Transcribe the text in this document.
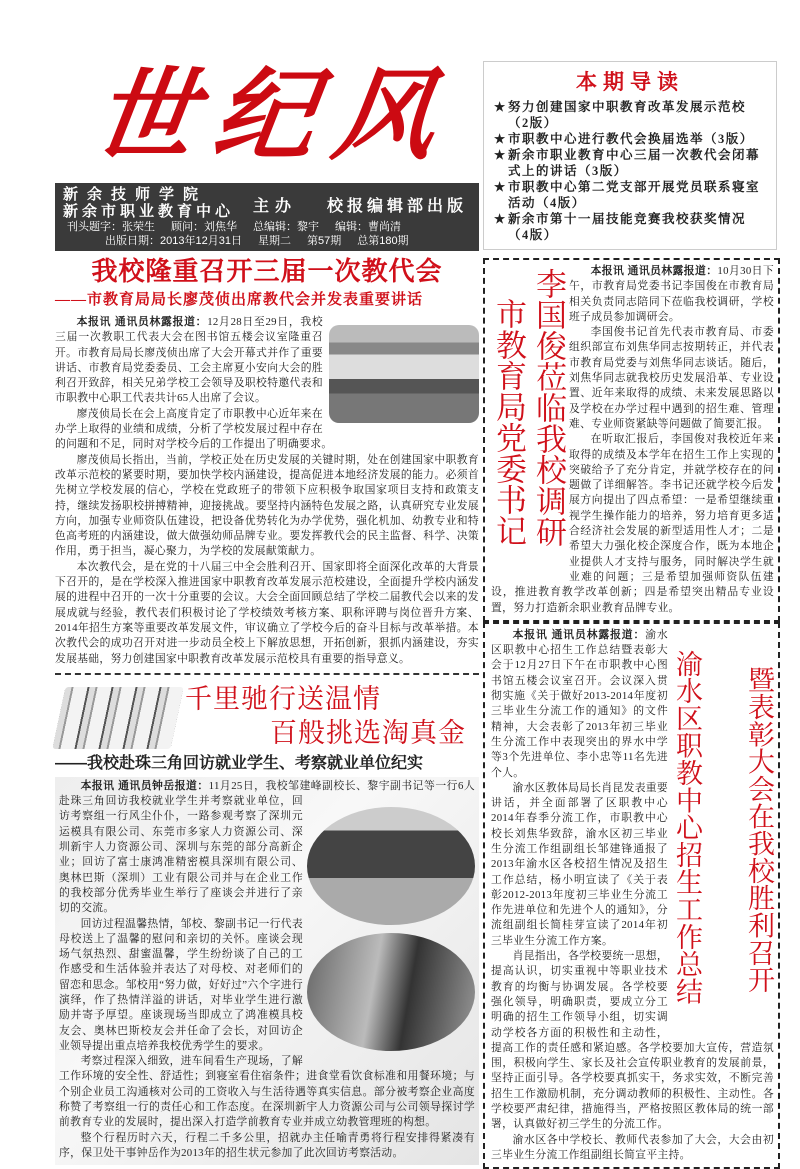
世纪风
新余技师学院
新余市职业教育中心 主办 校报编辑部出版
刊头题字：张荣生 顾问：刘焦华 总编辑：黎宇 编辑：曹尚清
出版日期：2013年12月31日 星期二 第57期 总第180期
我校隆重召开三届一次教代会
——市教育局局长廖茂侦出席教代会并发表重要讲话

本报讯 通讯员林露报道：12月28日至29日，我校三届一次教职工代表大会在图书馆五楼会议室隆重召开。市教育局局长廖茂侦出席了大会开幕式并作了重要讲话、市教育局党委委员、工会主席夏小安向大会的胜利召开致辞，相关兄弟学校工会领导及职校特邀代表和市职教中心职工代表共计65人出席了会议。

廖茂侦局长在会上高度肯定了市职教中心近年来在办学上取得的业绩和成绩，分析了学校发展过程中存在的问题和不足，同时对学校今后的工作提出了明确要求。

廖茂侦局长指出，当前，学校正处在历史发展的关键时期，处在创建国家中职教育改革示范校的紧要时期，要加快学校内涵建设，提高促进本地经济发展的能力。必须首先树立学校发展的信心，学校在党政班子的带领下应积极争取国家项目支持和政策支持，继续发扬职校拼搏精神，迎接挑战。要坚持内涵特色发展之路，认真研究专业发展方向，加强专业师资队伍建设，把设备优势转化为办学优势，强化机加、幼教专业和特色高考班的内涵建设，做大做强幼师品牌专业。要发挥教代会的民主监督、科学、决策作用，勇于担当，凝心聚力，为学校的发展献策献力。

本次教代会，是在党的十八届三中全会胜利召开、国家即将全面深化改革的大背景下召开的，是在学校深入推进国家中职教育改革发展示范校建设，全面提升学校内涵发展的进程中召开的一次十分重要的会议。大会全面回顾总结了学校二届教代会以来的发展成就与经验，教代表们积极讨论了学校绩效考核方案、职称评聘与岗位晋升方案、2014年招生方案等重要改革发展文件，审议确立了学校今后的奋斗目标与改革举措。本次教代会的成功召开对进一步动员全校上下解放思想，开拓创新，狠抓内涵建设，夯实发展基础，努力创建国家中职教育改革发展示范校具有重要的指导意义。

千里驰行送温情
百般挑选淘真金
——我校赴珠三角回访就业学生、考察就业单位纪实

本报讯 通讯员钟岳报道：11月25日，我校邹建峰副校长、黎宇副书记等一行6人赴珠三角回访我校就业学生并考察就业单位，回访考察组一行风尘仆仆，一路参观考察了深圳元运模具有限公司、东莞市多家人力资源公司、深圳新宇人力资源公司、深圳与东莞的部分高新企业；回访了富士康鸿准精密模具深圳有限公司、奥林巴斯（深圳）工业有限公司并与在企业工作的我校部分优秀毕业生举行了座谈会并进行了亲切的交流。

回访过程温馨热情，邹校、黎副书记一行代表母校送上了温馨的慰问和亲切的关怀。座谈会现场气氛热烈、甜蜜温馨，学生纷纷谈了自己的工作感受和生活体验并表达了对母校、对老师们的留恋和思念。邹校用“努力做，好好过”六个字进行演绎，作了热情洋溢的讲话，对毕业学生进行激励并寄予厚望。座谈现场当即成立了鸿准模具校友会、奥林巴斯校友会并任命了会长，对回访企业领导提出重点培养我校优秀学生的要求。

考察过程深入细致，进车间看生产现场，了解工作环境的安全性、舒适性；到寝室看住宿条件；进食堂看饮食标准和用餐环境；与个别企业员工沟通核对公司的工资收入与生活待遇等真实信息。部分被考察企业高度称赞了考察组一行的责任心和工作态度。在深圳新宇人力资源公司与公司领导探讨学前教育专业的发展时，提出深入打造学前教育专业并成立幼教管理班的构想。

整个行程历时六天，行程二千多公里，招就办主任喻青勇将行程安排得紧凑有序，保卫处干事钟岳作为2013年的招生状元参加了此次回访考察活动。

本期导读
★努力创建国家中职教育改革发展示范校（2版）
★市职教中心进行教代会换届选举（3版）
★新余市职业教育中心三届一次教代会闭幕式上的讲话（3版）
★市职教中心第二党支部开展党员联系寝室活动（4版）
★新余市第十一届技能竞赛我校获奖情况（4版）
李国俊莅临我校调研
市教育局党委书记

本报讯 通讯员林露报道：10月30日下午，市教育局党委书记李国俊在市教育局相关负责同志陪同下莅临我校调研，学校班子成员参加调研会。

李国俊书记首先代表市教育局、市委组织部宣布刘焦华同志按期转正，并代表市教育局党委与刘焦华同志谈话。随后，刘焦华同志就我校历史发展沿革、专业设置、近年来取得的成绩、未来发展思路以及学校在办学过程中遇到的招生难、管理难、专业师资紧缺等问题做了简要汇报。

在听取汇报后，李国俊对我校近年来取得的成绩及本学年在招生工作上实现的突破给予了充分肯定，并就学校存在的问题做了详细解答。李书记还就学校今后发展方向提出了四点希望：一是希望继续重视学生操作能力的培养，努力培育更多适合经济社会发展的新型适用性人才；二是希望大力强化校企深度合作，既为本地企业提供人才支持与服务，同时解决学生就业难的问题；三是希望加强师资队伍建设，推进教育教学改革创新；四是希望突出精品专业设置，努力打造新余职业教育品牌专业。

本报讯 通讯员林露报道：
渝水区职教中心招生工作总结 暨表彰大会在我校胜利召开
渝水区职教中心招生工作总结暨表彰大会于12月27日下午在市职教中心图书馆五楼会议室召开。会议深入贯彻实施《关于做好2013-2014年度初三毕业生分流工作的通知》的文件精神，大会表彰了2013年初三毕业生分流工作中表现突出的界水中学等3个先进单位、李小忠等11名先进个人。

渝水区教体局局长肖昆发表重要讲话，并全面部署了区职教中心2014年春季分流工作，市职教中心校长刘焦华致辞，渝水区初三毕业生分流工作组副组长邹建锋通报了2013年渝水区各校招生情况及招生工作总结，杨小明宣读了《关于表彰2012-2013年度初三毕业生分流工作先进单位和先进个人的通知》，分流组副组长简桂芽宣读了2014年初三毕业生分流工作方案。

肖昆指出，各学校要统一思想，提高认识，切实重视中等职业技术教育的均衡与协调发展。各学校要强化领导，明确职责，要成立分工明确的招生工作领导小组，切实调动学校各方面的积极性和主动性，提高工作的责任感和紧迫感。各学校要加大宣传，营造氛围，积极向学生、家长及社会宣传职业教育的发展前景，坚持正面引导。各学校要真抓实干，务求实效，不断完善招生工作激励机制，充分调动教师的积极性、主动性。各学校要严肃纪律，措施得当，严格按照区教体局的统一部署，认真做好初三学生的分流工作。

渝水区各中学校长、教师代表参加了大会，大会由初三毕业生分流工作组副组长简宣平主持。
